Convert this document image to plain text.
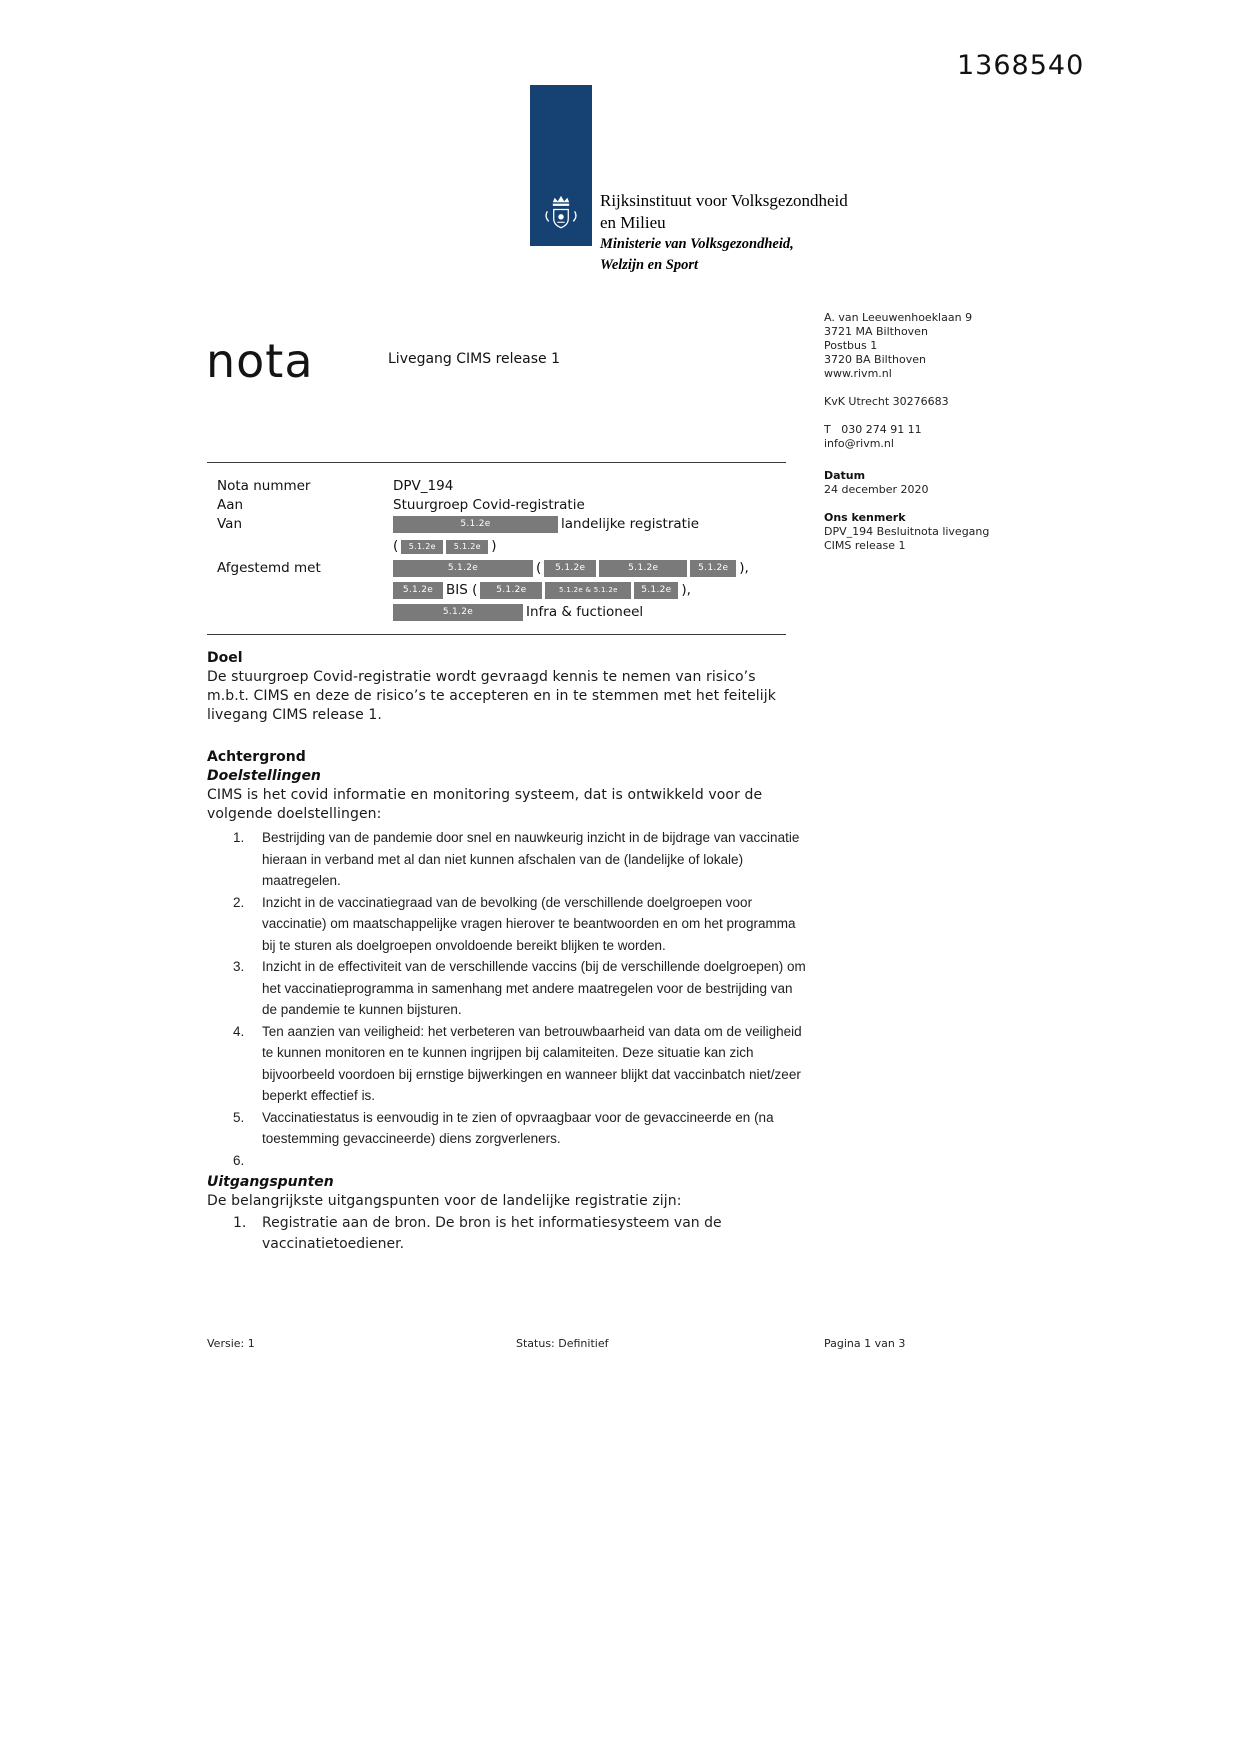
1368540
Rijksinstituut voor Volksgezondheid
en Milieu
Ministerie van Volksgezondheid,
Welzijn en Sport
nota	Livegang CIMS release 1
A. van Leeuwenhoeklaan 9
3721 MA Bilthoven
Postbus 1
3720 BA Bilthoven
www.rivm.nl
KvK Utrecht 30276683
T   030 274 91 11
info@rivm.nl
Datum
24 december 2020
Ons kenmerk
DPV_194 Besluitnota livegang CIMS release 1
Nota nummer	DPV_194
Aan	Stuurgroep Covid-registratie
Van	5.1.2e	landelijke registratie
(	5.1.2e	5.1.2e )
Afgestemd met	5.1.2e	(	5.1.2e	5.1.2e	5.1.2e ),
5.1.2e BIS (	5.1.2e	5.1.2e & 5.1.2e	5.1.2e ),
5.1.2e	Infra & fuctioneel
Doel

De stuurgroep Covid-registratie wordt gevraagd kennis te nemen van risico’s m.b.t. CIMS en deze de risico’s te accepteren en in te stemmen met het feitelijk livegang CIMS release 1.

Achtergrond
Doelstellingen

CIMS is het covid informatie en monitoring systeem, dat is ontwikkeld voor de volgende doelstellingen:

1.	Bestrijding van de pandemie door snel en nauwkeurig inzicht in de bijdrage van vaccinatie hieraan in verband met al dan niet kunnen afschalen van de (landelijke of lokale) maatregelen.
2.	Inzicht in de vaccinatiegraad van de bevolking (de verschillende doelgroepen voor vaccinatie) om maatschappelijke vragen hierover te beantwoorden en om het programma bij te sturen als doelgroepen onvoldoende bereikt blijken te worden.
3.	Inzicht in de effectiviteit van de verschillende vaccins (bij de verschillende doelgroepen) om het vaccinatieprogramma in samenhang met andere maatregelen voor de bestrijding van de pandemie te kunnen bijsturen.
4.	Ten aanzien van veiligheid: het verbeteren van betrouwbaarheid van data om de veiligheid te kunnen monitoren en te kunnen ingrijpen bij calamiteiten. Deze situatie kan zich bijvoorbeeld voordoen bij ernstige bijwerkingen en wanneer blijkt dat vaccinbatch niet/zeer beperkt effectief is.
5.	Vaccinatiestatus is eenvoudig in te zien of opvraagbaar voor de gevaccineerde en (na toestemming gevaccineerde) diens zorgverleners.
6.
Uitgangspunten

De belangrijkste uitgangspunten voor de landelijke registratie zijn:

1.	Registratie aan de bron. De bron is het informatiesysteem van de vaccinatietoediener.
Versie: 1	Status: Definitief	Pagina 1 van 3
